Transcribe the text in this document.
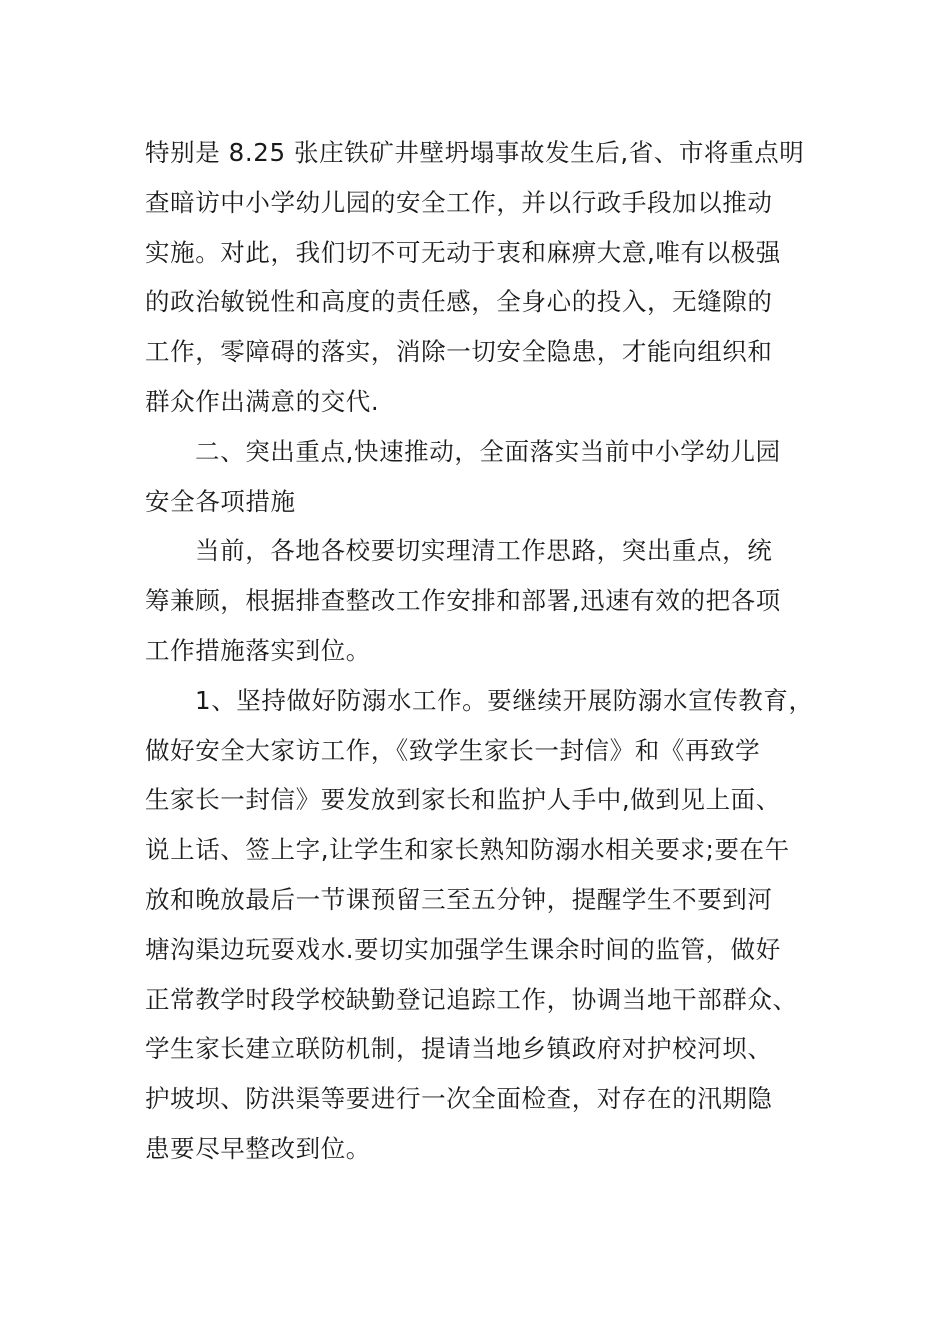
特别是 8.25 张庄铁矿井壁坍塌事故发生后,省、市将重点明
查暗访中小学幼儿园的安全工作，并以行政手段加以推动
实施。对此，我们切不可无动于衷和麻痹大意,唯有以极强
的政治敏锐性和高度的责任感，全身心的投入，无缝隙的
工作，零障碍的落实，消除一切安全隐患，才能向组织和
群众作出满意的交代.
二、突出重点,快速推动，全面落实当前中小学幼儿园
安全各项措施
当前，各地各校要切实理清工作思路，突出重点，统
筹兼顾，根据排查整改工作安排和部署,迅速有效的把各项
工作措施落实到位。
1、坚持做好防溺水工作。要继续开展防溺水宣传教育，
做好安全大家访工作，《致学生家长一封信》和《再致学
生家长一封信》要发放到家长和监护人手中,做到见上面、
说上话、签上字,让学生和家长熟知防溺水相关要求;要在午
放和晚放最后一节课预留三至五分钟，提醒学生不要到河
塘沟渠边玩耍戏水.要切实加强学生课余时间的监管，做好
正常教学时段学校缺勤登记追踪工作，协调当地干部群众、
学生家长建立联防机制，提请当地乡镇政府对护校河坝、
护坡坝、防洪渠等要进行一次全面检查，对存在的汛期隐
患要尽早整改到位。
